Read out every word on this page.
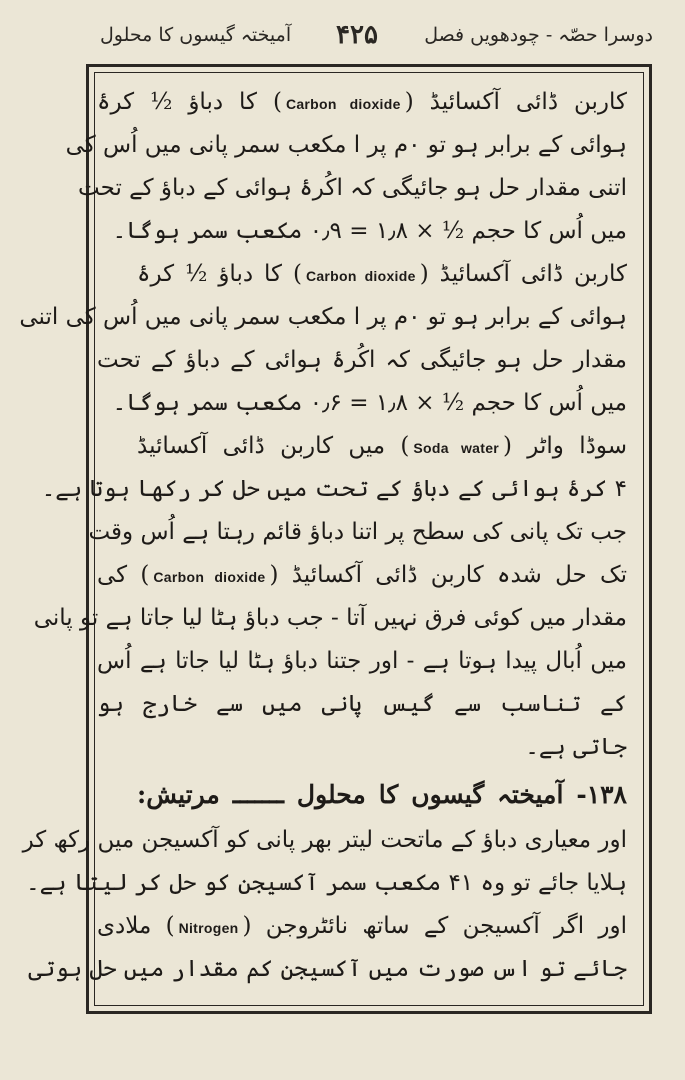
دوسرا حصّہ - چودھویں فصل
۴۲۵
آمیختہ گیسوں کا محلول
کاربن ڈائی آکسائیڈ (Carbon dioxide) کا دباؤ ½ کرۂ
ہوائی کے برابر ہو تو ۰م پر ا مکعب سمر پانی میں اُس کی
اتنی مقدار حل ہو جائیگی کہ اکُرۂ ہوائی کے دباؤ کے تحت
میں اُس کا حجم ½ × ۱٫۸ = ۰٫۹ مکعب سمر ہوگا۔
کاربن ڈائی آکسائیڈ (Carbon dioxide) کا دباؤ ½ کرۂ
ہوائی کے برابر ہو تو ۰م پر ا مکعب سمر پانی میں اُس کی اتنی
مقدار حل ہو جائیگی کہ اکُرۂ ہوائی کے دباؤ کے تحت
میں اُس کا حجم ½ × ۱٫۸ = ۰٫۶ مکعب سمر ہوگا۔
سوڈا واٹر (Soda water) میں کاربن ڈائی آکسائیڈ
۴ کرۂ ہوائی کے دباؤ کے تحت میں حل کر رکھا ہوتا ہے۔
جب تک پانی کی سطح پر اتنا دباؤ قائم رہتا ہے اُس وقت
تک حل شدہ کاربن ڈائی آکسائیڈ (Carbon dioxide) کی
مقدار میں کوئی فرق نہیں آتا - جب دباؤ ہٹا لیا جاتا ہے تو پانی
میں اُبال پیدا ہوتا ہے - اور جتنا دباؤ ہٹا لیا جاتا ہے اُس
کے تناسب سے گیس پانی میں سے خارج ہو
جاتی ہے۔
۱۳۸- آمیختہ گیسوں کا محلول ـــــــ مرتیش:
اور معیاری دباؤ کے ماتحت لیتر بھر پانی کو آکسیجن میں رکھ کر
ہلایا جائے تو وہ ۴۱ مکعب سمر آکسیجن کو حل کر لیتا ہے۔
اور اگر آکسیجن کے ساتھ نائٹروجن (Nitrogen) ملادی
جائے تو اس صورت میں آکسیجن کم مقدار میں حل ہوتی
